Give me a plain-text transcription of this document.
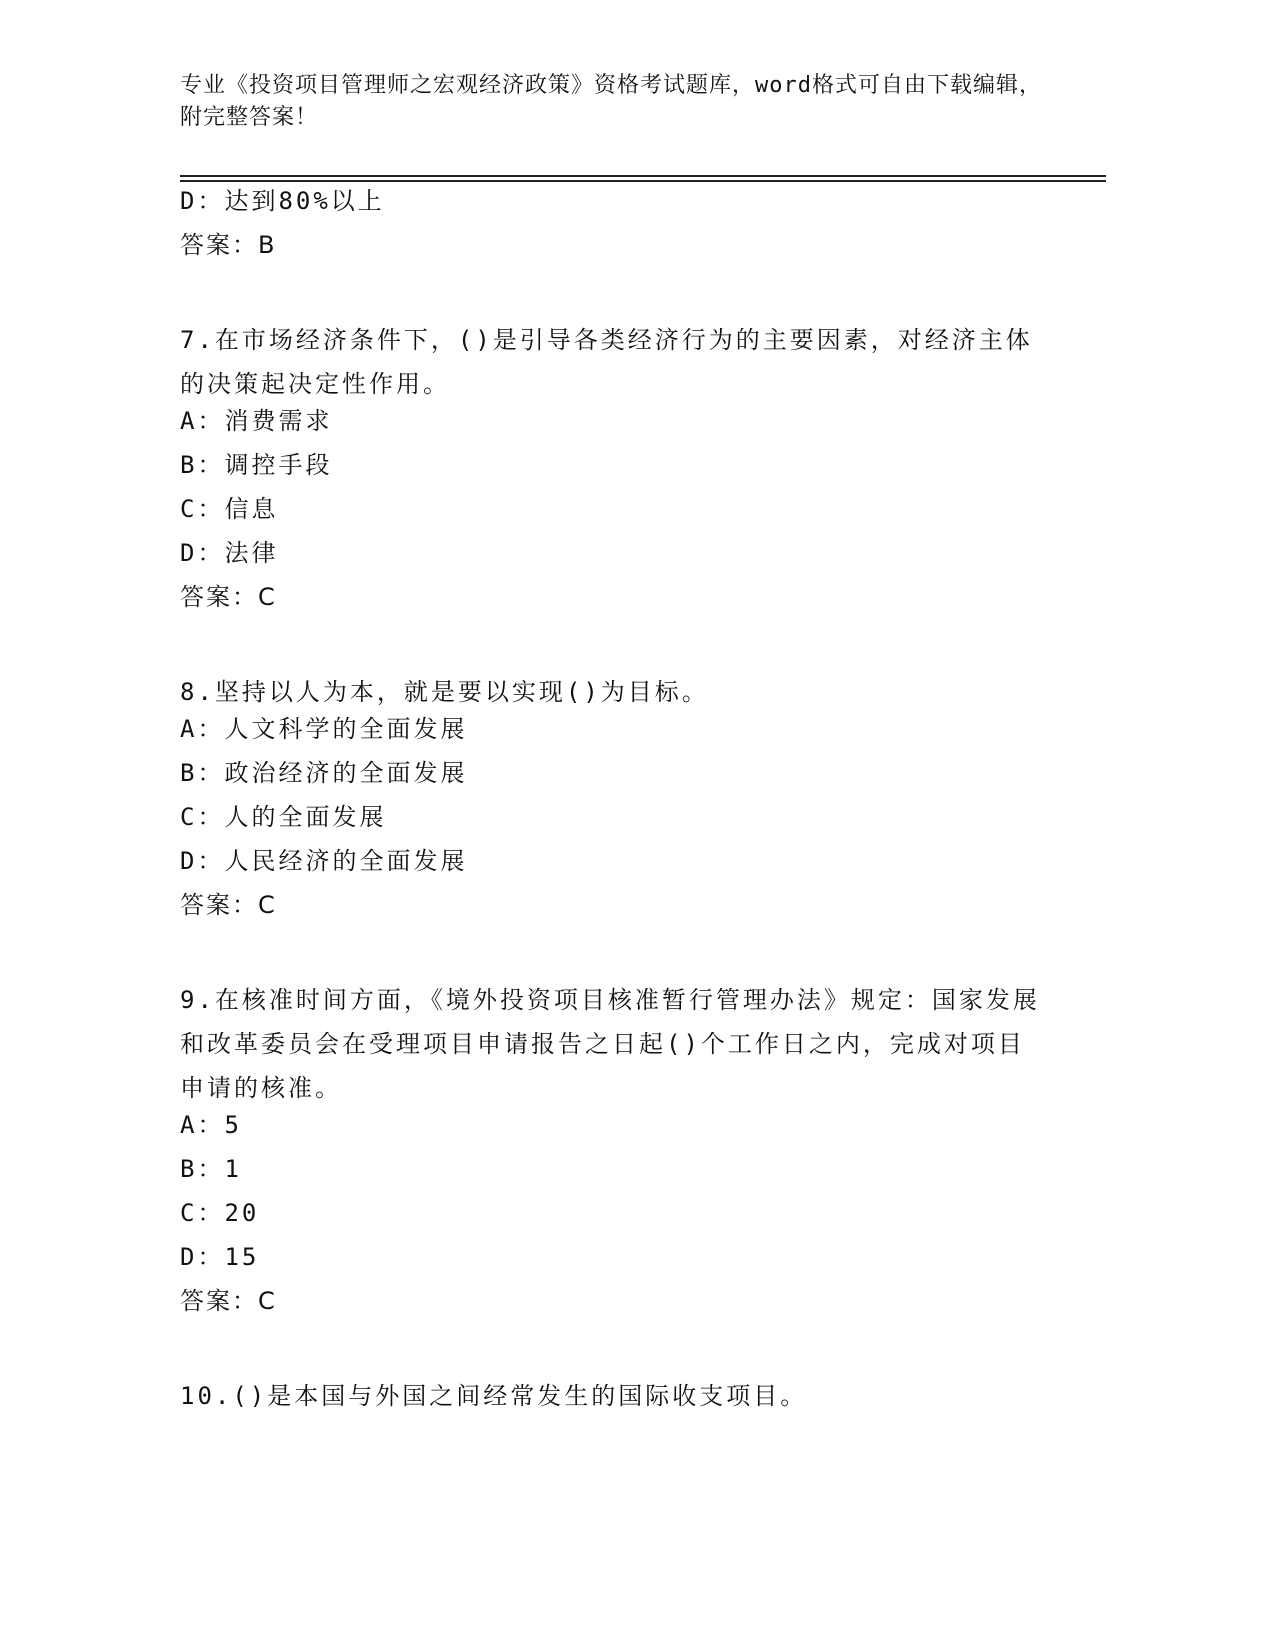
专业《投资项目管理师之宏观经济政策》资格考试题库，word格式可自由下载编辑，附完整答案！
D：达到80%以上
答案：B
7.在市场经济条件下，()是引导各类经济行为的主要因素，对经济主体的决策起决定性作用。
A：消费需求
B：调控手段
C：信息
D：法律
答案：C
8.坚持以人为本，就是要以实现()为目标。
A：人文科学的全面发展
B：政治经济的全面发展
C：人的全面发展
D：人民经济的全面发展
答案：C
9.在核准时间方面，《境外投资项目核准暂行管理办法》规定：国家发展和改革委员会在受理项目申请报告之日起()个工作日之内，完成对项目申请的核准。
A：5
B：1
C：20
D：15
答案：C
10.()是本国与外国之间经常发生的国际收支项目。
